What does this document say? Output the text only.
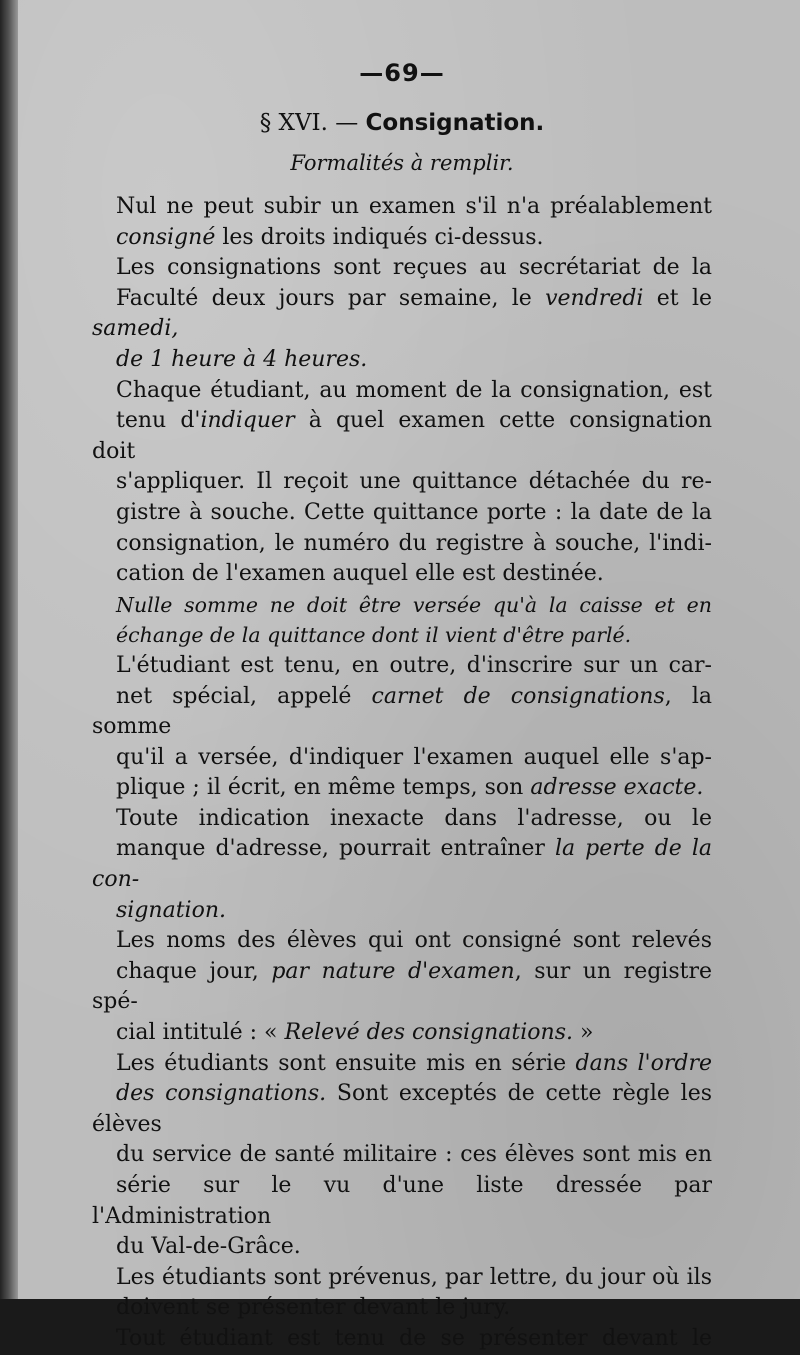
—69—
§ XVI. — Consignation.
Formalités à remplir.
Nul ne peut subir un examen s'il n'a préalablement
consigné les droits indiqués ci-dessus.
Les consignations sont reçues au secrétariat de la
Faculté deux jours par semaine, le vendredi et le samedi,
de 1 heure à 4 heures.
Chaque étudiant, au moment de la consignation, est
tenu d'indiquer à quel examen cette consignation doit
s'appliquer. Il reçoit une quittance détachée du re-
gistre à souche. Cette quittance porte : la date de la
consignation, le numéro du registre à souche, l'indi-
cation de l'examen auquel elle est destinée.
Nulle somme ne doit être versée qu'à la caisse et en
échange de la quittance dont il vient d'être parlé.
L'étudiant est tenu, en outre, d'inscrire sur un car-
net spécial, appelé carnet de consignations, la somme
qu'il a versée, d'indiquer l'examen auquel elle s'ap-
plique ; il écrit, en même temps, son adresse exacte.
Toute indication inexacte dans l'adresse, ou le
manque d'adresse, pourrait entraîner la perte de la con-
signation.
Les noms des élèves qui ont consigné sont relevés
chaque jour, par nature d'examen, sur un registre spé-
cial intitulé : « Relevé des consignations. »
Les étudiants sont ensuite mis en série dans l'ordre
des consignations. Sont exceptés de cette règle les élèves
du service de santé militaire : ces élèves sont mis en
série sur le vu d'une liste dressée par l'Administration
du Val-de-Grâce.
Les étudiants sont prévenus, par lettre, du jour où ils
doivent se présenter devant le jury.
Tout étudiant est tenu de se présenter devant le
